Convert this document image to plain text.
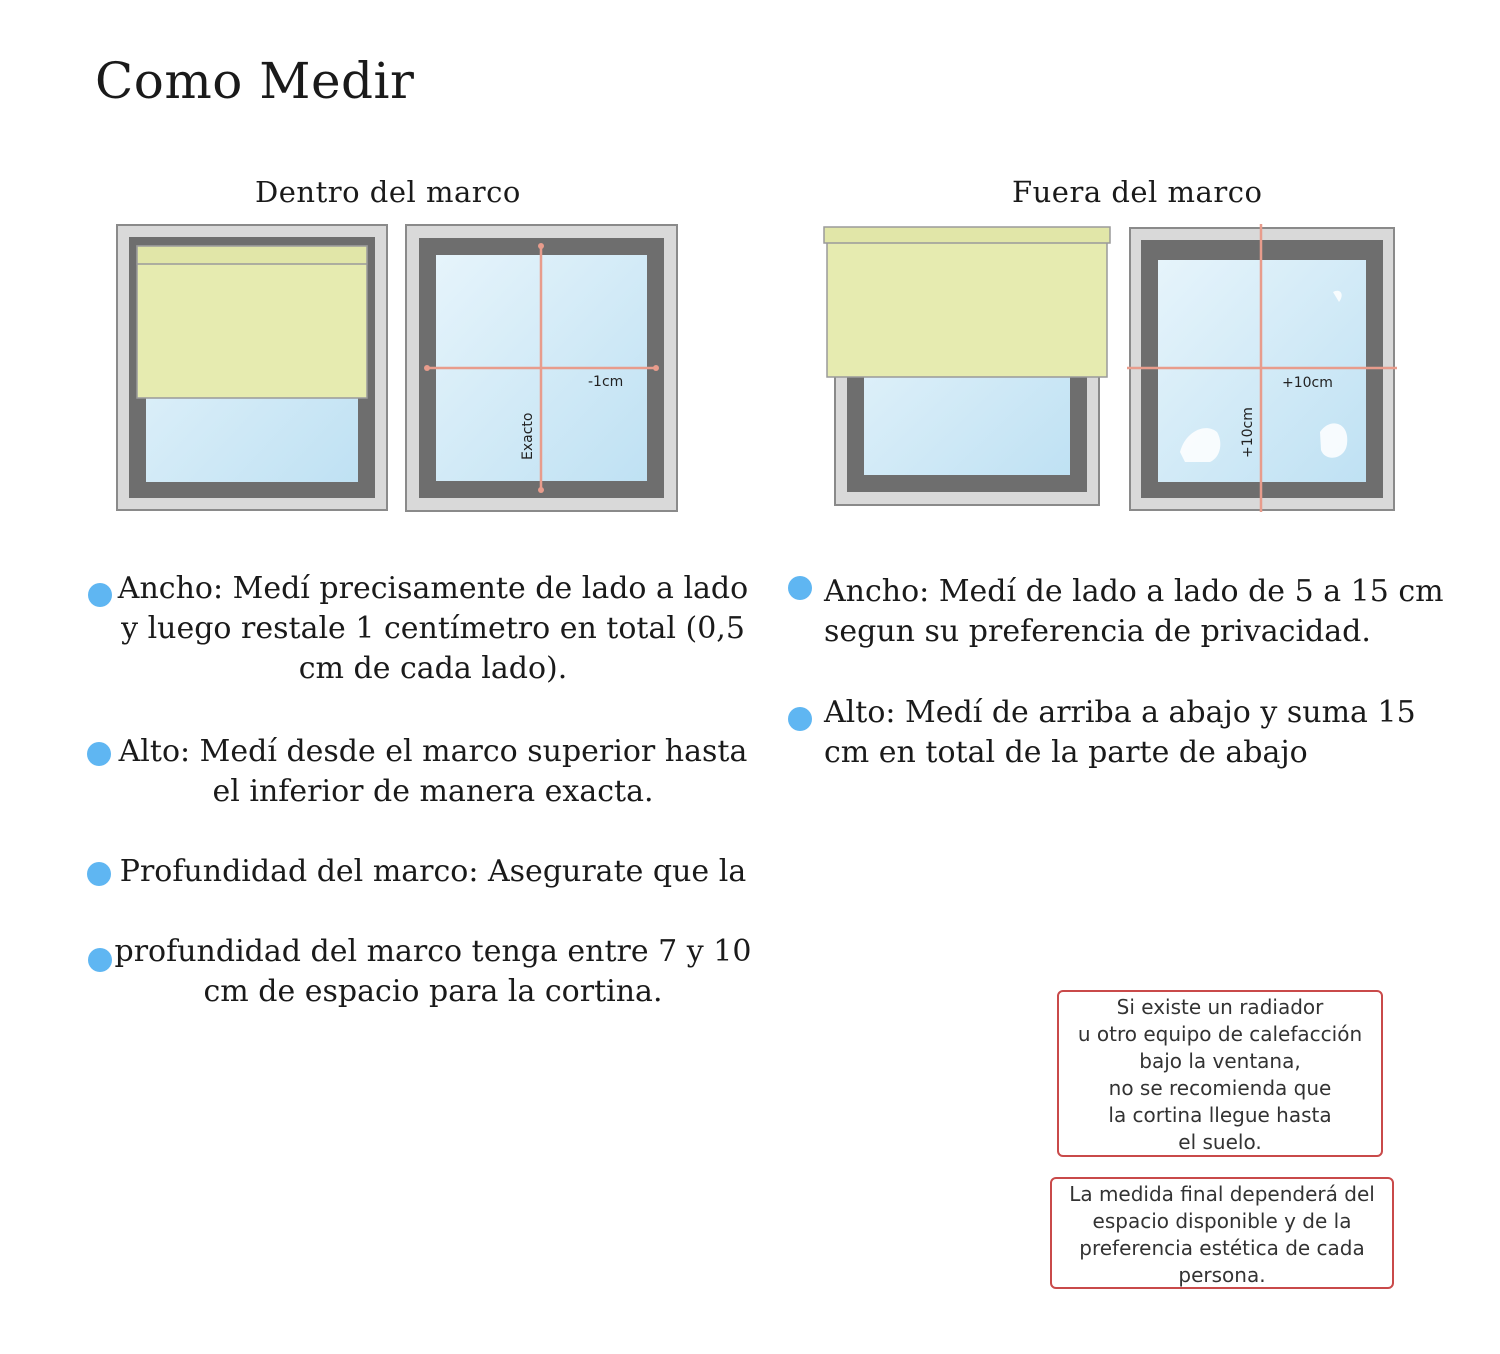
Como Medir
Dentro del marco	Fuera del marco
-1cm
Exacto
+10cm
+10cm
Ancho: Medí precisamente de lado a lado y luego restale 1 centímetro en total (0,5 cm de cada lado).
Alto: Medí desde el marco superior hasta el inferior de manera exacta.
Profundidad del marco: Asegurate que la
profundidad del marco tenga entre 7 y 10 cm de espacio para la cortina.
Ancho: Medí de lado a lado de 5 a 15 cm segun su preferencia de privacidad.
Alto: Medí de arriba a abajo y suma 15 cm en total de la parte de abajo
Si existe un radiador
u otro equipo de calefacción
bajo la ventana,
no se recomienda que
la cortina llegue hasta
el suelo.
La medida final dependerá del
espacio disponible y de la
preferencia estética de cada
persona.
